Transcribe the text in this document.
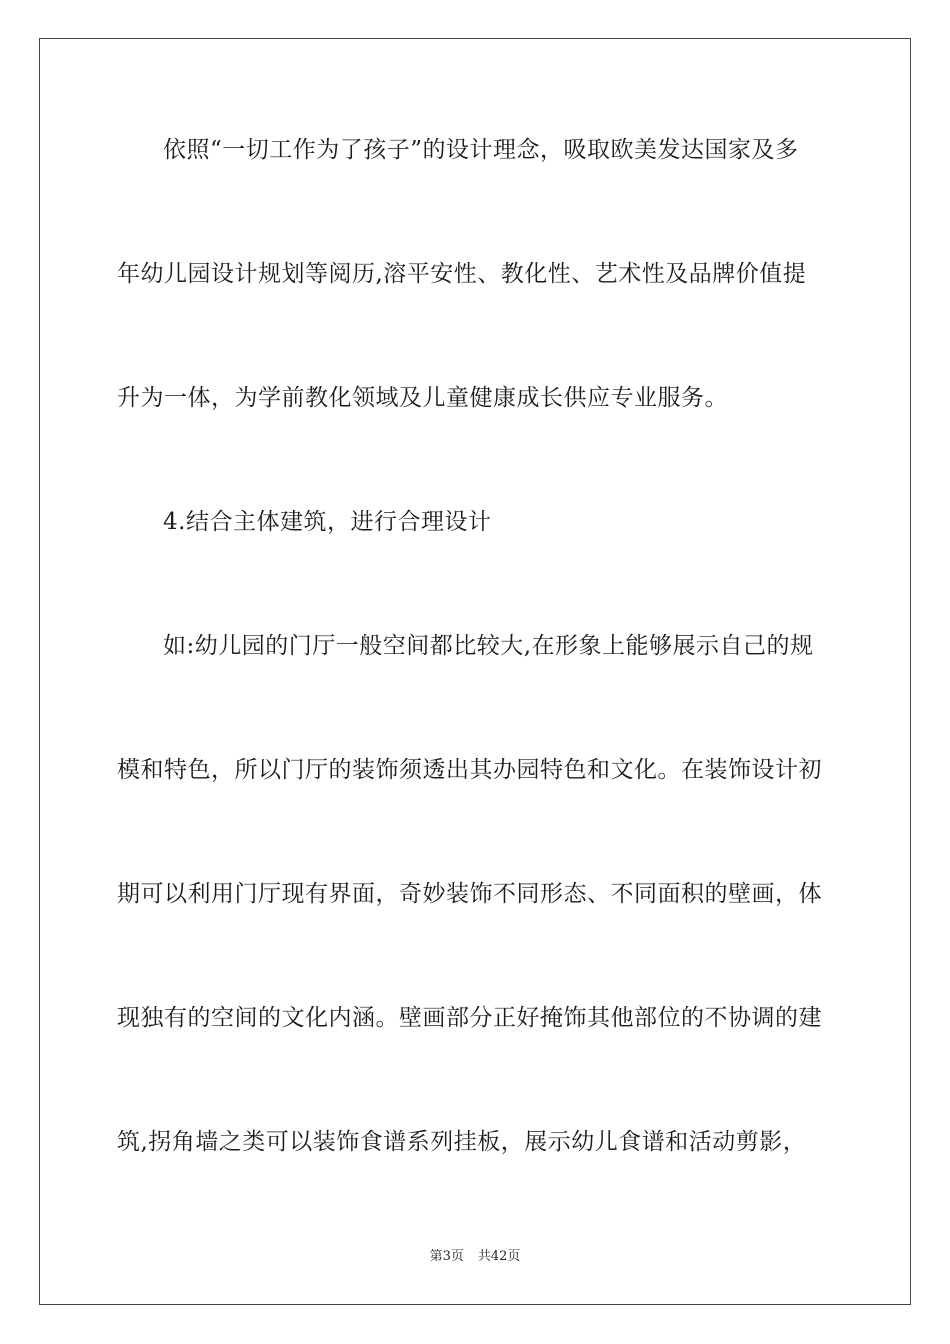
依照“一切工作为了孩子”的设计理念，吸取欧美发达国家及多
年幼儿园设计规划等阅历,溶平安性、教化性、艺术性及品牌价值提
升为一体，为学前教化领域及儿童健康成长供应专业服务。
4.结合主体建筑，进行合理设计
如:幼儿园的门厅一般空间都比较大,在形象上能够展示自己的规
模和特色，所以门厅的装饰须透出其办园特色和文化。在装饰设计初
期可以利用门厅现有界面，奇妙装饰不同形态、不同面积的壁画，体
现独有的空间的文化内涵。壁画部分正好掩饰其他部位的不协调的建
筑,拐角墙之类可以装饰食谱系列挂板，展示幼儿食谱和活动剪影，
第3页 共42页
